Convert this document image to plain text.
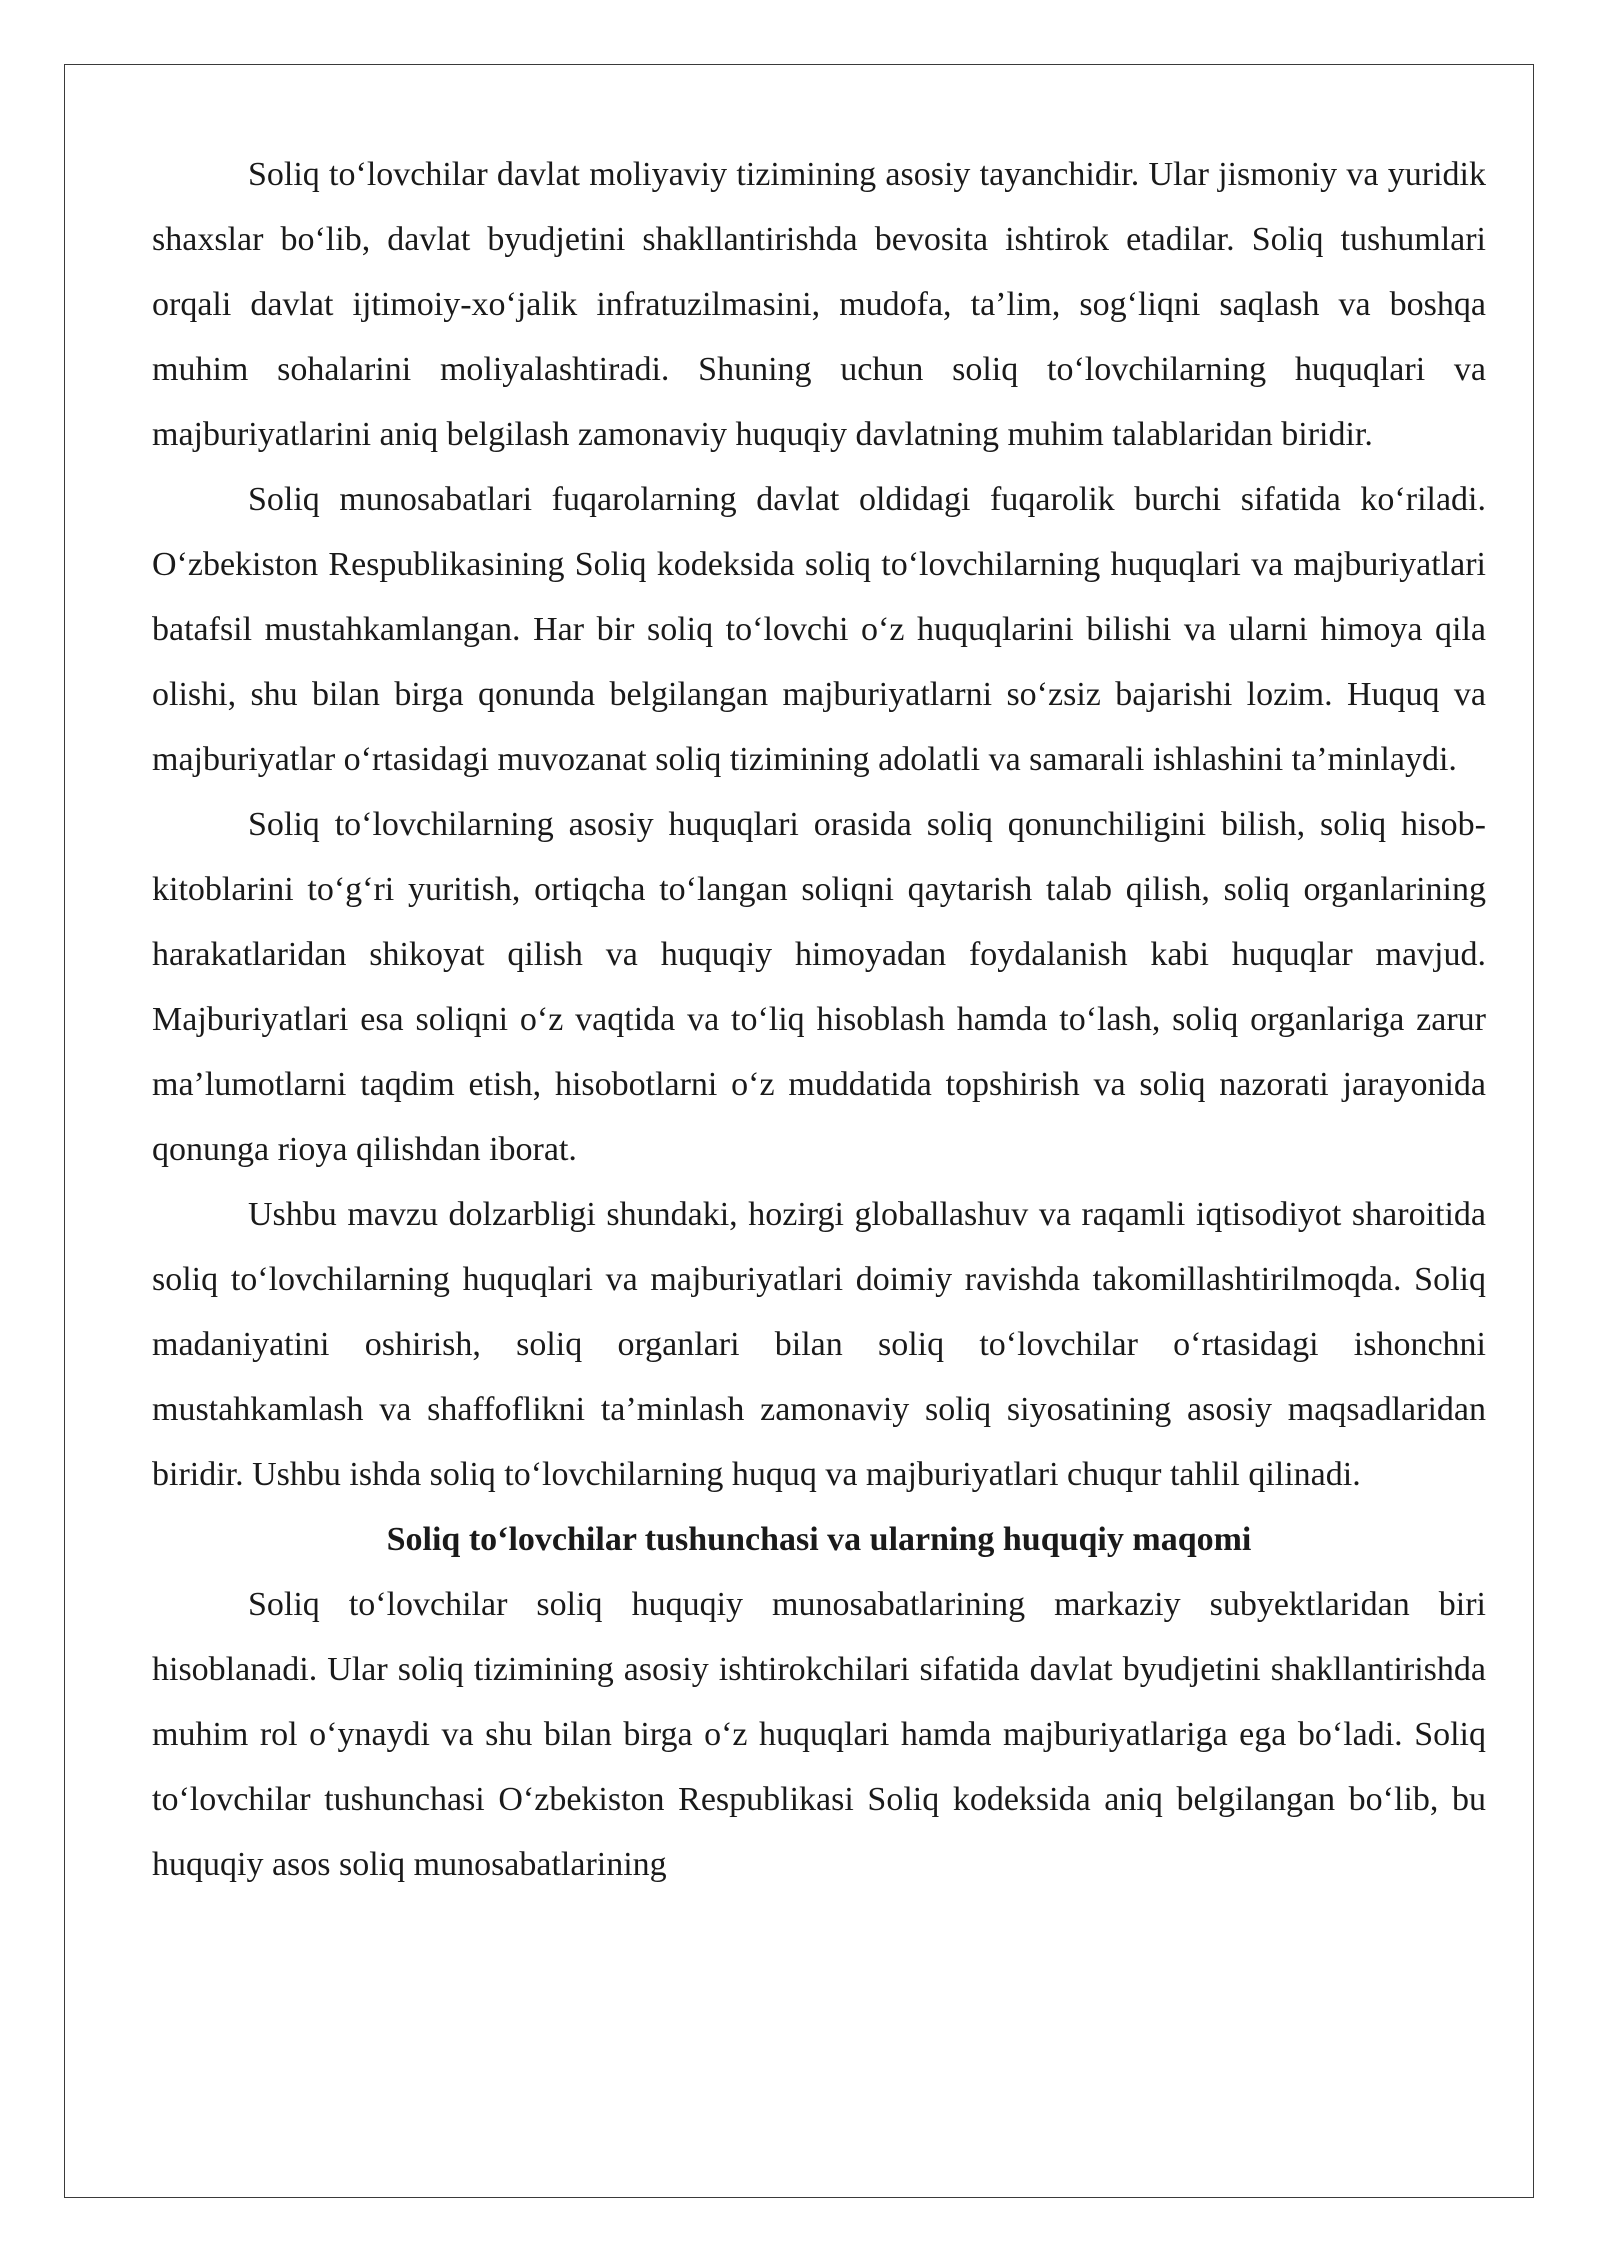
Soliq to‘lovchilar davlat moliyaviy tizimining asosiy tayanchidir. Ular jismoniy va yuridik shaxslar bo‘lib, davlat byudjetini shakllantirishda bevosita ishtirok etadilar. Soliq tushumlari orqali davlat ijtimoiy-xo‘jalik infratuzilmasini, mudofa, ta’lim, sog‘liqni saqlash va boshqa muhim sohalarini moliyalashtiradi. Shuning uchun soliq to‘lovchilarning huquqlari va majburiyatlarini aniq belgilash zamonaviy huquqiy davlatning muhim talablaridan biridir.

Soliq munosabatlari fuqarolarning davlat oldidagi fuqarolik burchi sifatida ko‘riladi. O‘zbekiston Respublikasining Soliq kodeksida soliq to‘lovchilarning huquqlari va majburiyatlari batafsil mustahkamlangan. Har bir soliq to‘lovchi o‘z huquqlarini bilishi va ularni himoya qila olishi, shu bilan birga qonunda belgilangan majburiyatlarni so‘zsiz bajarishi lozim. Huquq va majburiyatlar o‘rtasidagi muvozanat soliq tizimining adolatli va samarali ishlashini ta’minlaydi.

Soliq to‘lovchilarning asosiy huquqlari orasida soliq qonunchiligini bilish, soliq hisob-kitoblarini to‘g‘ri yuritish, ortiqcha to‘langan soliqni qaytarish talab qilish, soliq organlarining harakatlaridan shikoyat qilish va huquqiy himoyadan foydalanish kabi huquqlar mavjud. Majburiyatlari esa soliqni o‘z vaqtida va to‘liq hisoblash hamda to‘lash, soliq organlariga zarur ma’lumotlarni taqdim etish, hisobotlarni o‘z muddatida topshirish va soliq nazorati jarayonida qonunga rioya qilishdan iborat.

Ushbu mavzu dolzarbligi shundaki, hozirgi globallashuv va raqamli iqtisodiyot sharoitida soliq to‘lovchilarning huquqlari va majburiyatlari doimiy ravishda takomillashtirilmoqda. Soliq madaniyatini oshirish, soliq organlari bilan soliq to‘lovchilar o‘rtasidagi ishonchni mustahkamlash va shaffoflikni ta’minlash zamonaviy soliq siyosatining asosiy maqsadlaridan biridir. Ushbu ishda soliq to‘lovchilarning huquq va majburiyatlari chuqur tahlil qilinadi.

Soliq to‘lovchilar tushunchasi va ularning huquqiy maqomi

Soliq to‘lovchilar soliq huquqiy munosabatlarining markaziy subyektlaridan biri hisoblanadi. Ular soliq tizimining asosiy ishtirokchilari sifatida davlat byudjetini shakllantirishda muhim rol o‘ynaydi va shu bilan birga o‘z huquqlari hamda majburiyatlariga ega bo‘ladi. Soliq to‘lovchilar tushunchasi O‘zbekiston Respublikasi Soliq kodeksida aniq belgilangan bo‘lib, bu huquqiy asos soliq munosabatlarining
